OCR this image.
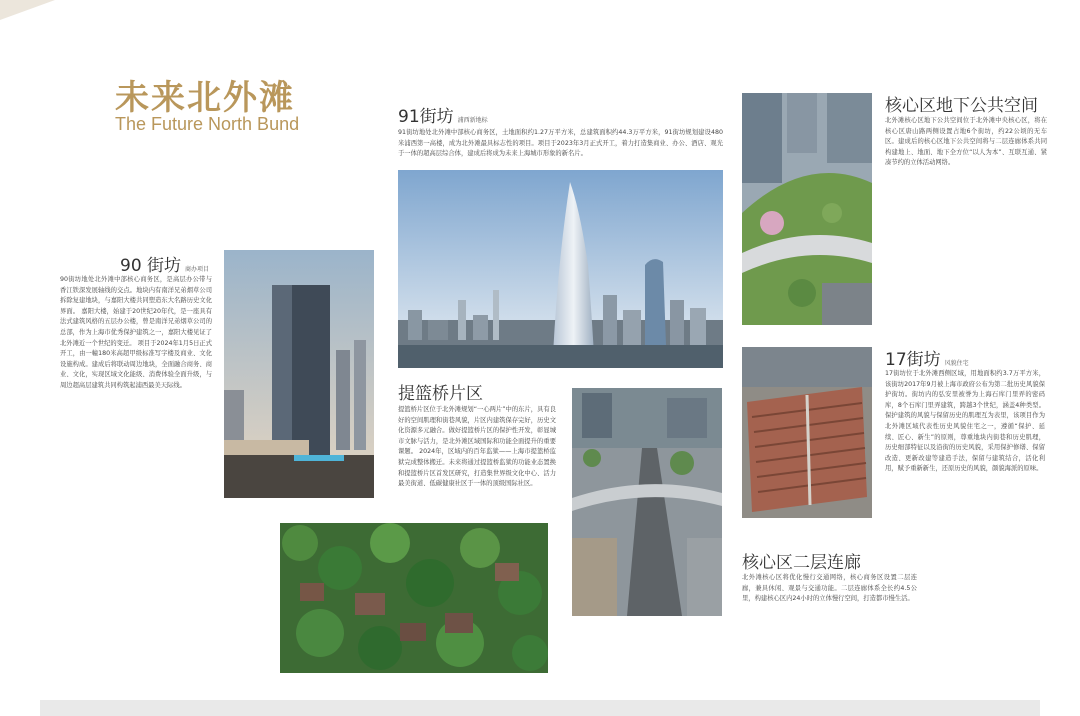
未来北外滩
The Future North Bund	91街坊 浦西新地标
91街坊地处北外滩中部核心商务区，土地面积约1.27万平方米，总建筑面积约44.3万平方米，91街坊规划建设480米浦西第一高楼，成为北外滩最具标志性的项目。项目于2023年3月正式开工，着力打造集商业、办公、酒店、观光于一体的超高层综合体，建成后将成为未来上海城市形象的新名片。
90 街坊 商办项目
90街坊地处北外滩中部核心商务区，是高层办公带与香江铁深发展轴线的交点。地块内有南洋兄弟烟草公司拆除复建地块，与嘉阳大楼共同塑造东大名路历史文化界面。 嘉阳大楼，始建于20世纪20年代，是一座具有法式建筑风格的五层办公楼，曾是南洋兄弟烟草公司的总部，作为上海市优秀保护建筑之一，嘉阳大楼见证了北外滩近一个世纪的变迁。 项目于2024年1月5日正式开工，由一幢180米高超甲级标准写字楼及商业、文化设施构成。建成后将联动周边地块，全面融合商务、商业、文化，实现区域文化能级、消费体验全面升级，与周边超高层建筑共同构筑起浦西最美天际线。	提篮桥片区
提篮桥片区位于北外滩规划“一心两片”中的东片，具有良好的空间肌理和街巷风貌，片区内建筑保存完好，历史文化资源多元融合。做好提篮桥片区的保护性开发，彰显城市文脉与活力，是北外滩区域国际和功能全面提升的重要课题。 2024年，区域内的百年监狱——上海市提篮桥监狱完成整体搬迁。未来将通过提篮桥监狱的功能业态置换和提篮桥片区首发区研究，打造集世界级文化中心、活力最美街道、低碳健康社区于一体的顶级国际社区。
核心区地下公共空间
北外滩核心区地下公共空间位于北外滩中央核心区，将在核心区唐山路两侧设置占地6个街坊，约22公顷的无车区。建成后的核心区地下公共空间将与二层连廊体系共同构建地上、地面、地下全方位“以人为本”、互联互通、紧凑节约的立体活动网络。
17街坊 风貌住宅
17街坊位于北外滩西侧区域，用地面积约3.7万平方米，该街坊2017年9月被上海市政府公布为第二批历史风貌保护街坊。街坊内的弘安里被誉为上海石库门里弄的密码库，8个石库门里弄建筑，跨越3个世纪，涵盖4种类型。保护建筑的风貌与保留历史的肌理互为表里，该项目作为北外滩区域代表性历史风貌住宅之一，遵循“保护、延续、匠心、新生”的原则，尊重地块内街巷和历史肌理，历史细部特征以及沿街的历史风貌，采用保护修缮、保留改造、更新改建等建造手法，保留与建筑结合，活化利用，赋予重新新生，还原历史的风貌，颜貌海派的原味。
核心区二层连廊
北外滩核心区将优化慢行交通网络，核心商务区设置二层连廊，兼具休闲、观景与交通功能。二层连廊体系全长约4.5公里，构建核心区内24小时的立体慢行空间，打造都市慢生活。
